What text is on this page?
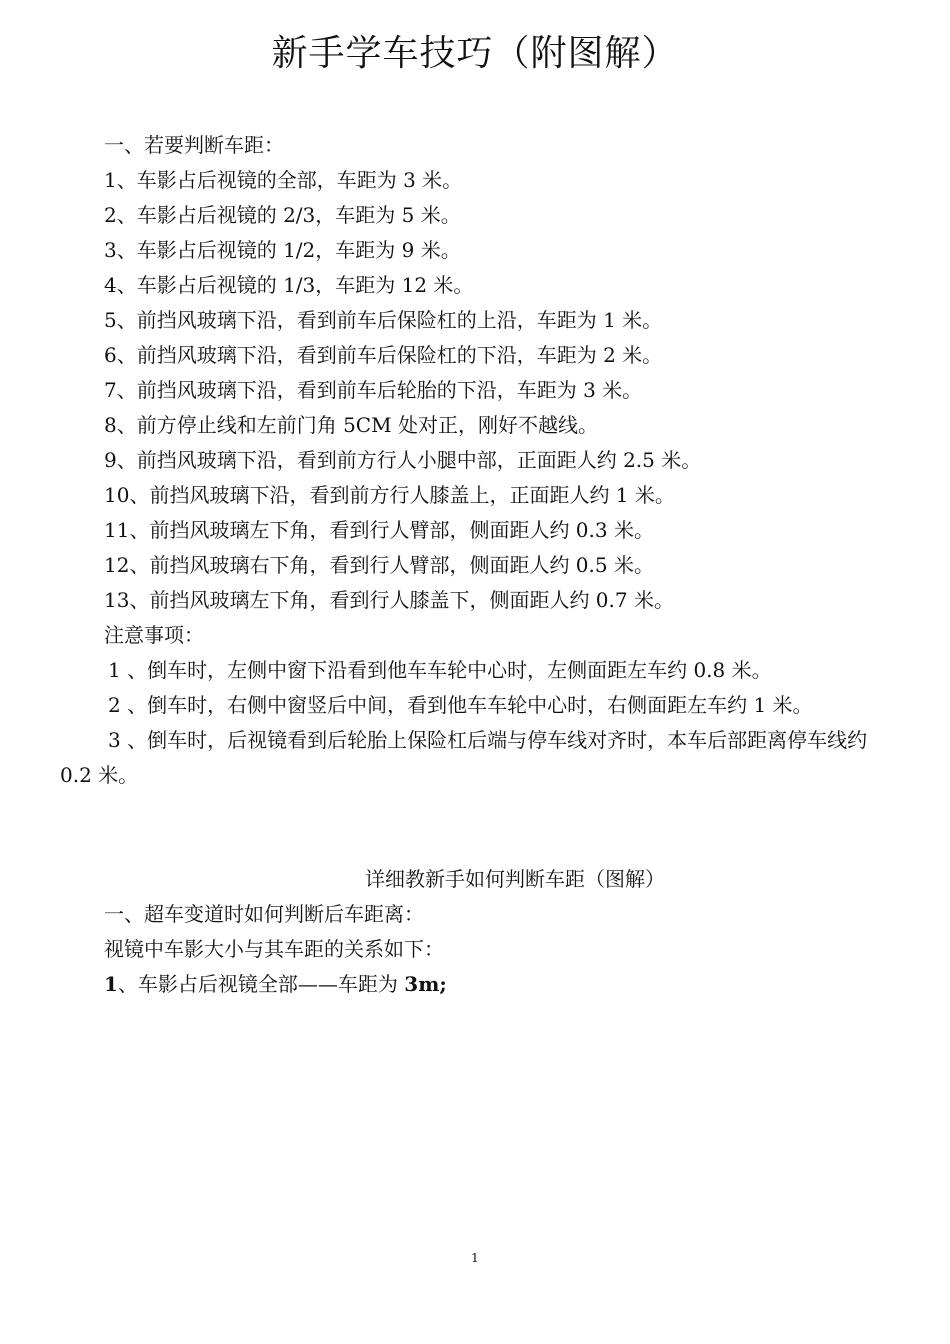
新手学车技巧（附图解）

一、若要判断车距：

1、车影占后视镜的全部，车距为 3 米。

2、车影占后视镜的 2/3，车距为 5 米。

3、车影占后视镜的 1/2，车距为 9 米。

4、车影占后视镜的 1/3，车距为 12 米。

5、前挡风玻璃下沿，看到前车后保险杠的上沿，车距为 1 米。

6、前挡风玻璃下沿，看到前车后保险杠的下沿，车距为 2 米。

7、前挡风玻璃下沿，看到前车后轮胎的下沿，车距为 3 米。

8、前方停止线和左前门角 5CM 处对正，刚好不越线。

9、前挡风玻璃下沿，看到前方行人小腿中部，正面距人约 2.5 米。

10、前挡风玻璃下沿，看到前方行人膝盖上，正面距人约 1 米。

11、前挡风玻璃左下角，看到行人臂部，侧面距人约 0.3 米。

12、前挡风玻璃右下角，看到行人臂部，侧面距人约 0.5 米。

13、前挡风玻璃左下角，看到行人膝盖下，侧面距人约 0.7 米。

注意事项：

1 、倒车时，左侧中窗下沿看到他车车轮中心时，左侧面距左车约 0.8 米。

2 、倒车时，右侧中窗竖后中间，看到他车车轮中心时，右侧面距左车约 1 米。

3 、倒车时，后视镜看到后轮胎上保险杠后端与停车线对齐时，本车后部距离停车线约 0.2 米。

详细教新手如何判断车距（图解）

一、超车变道时如何判断后车距离：

视镜中车影大小与其车距的关系如下：

1、车影占后视镜全部——车距为 3m;

1
